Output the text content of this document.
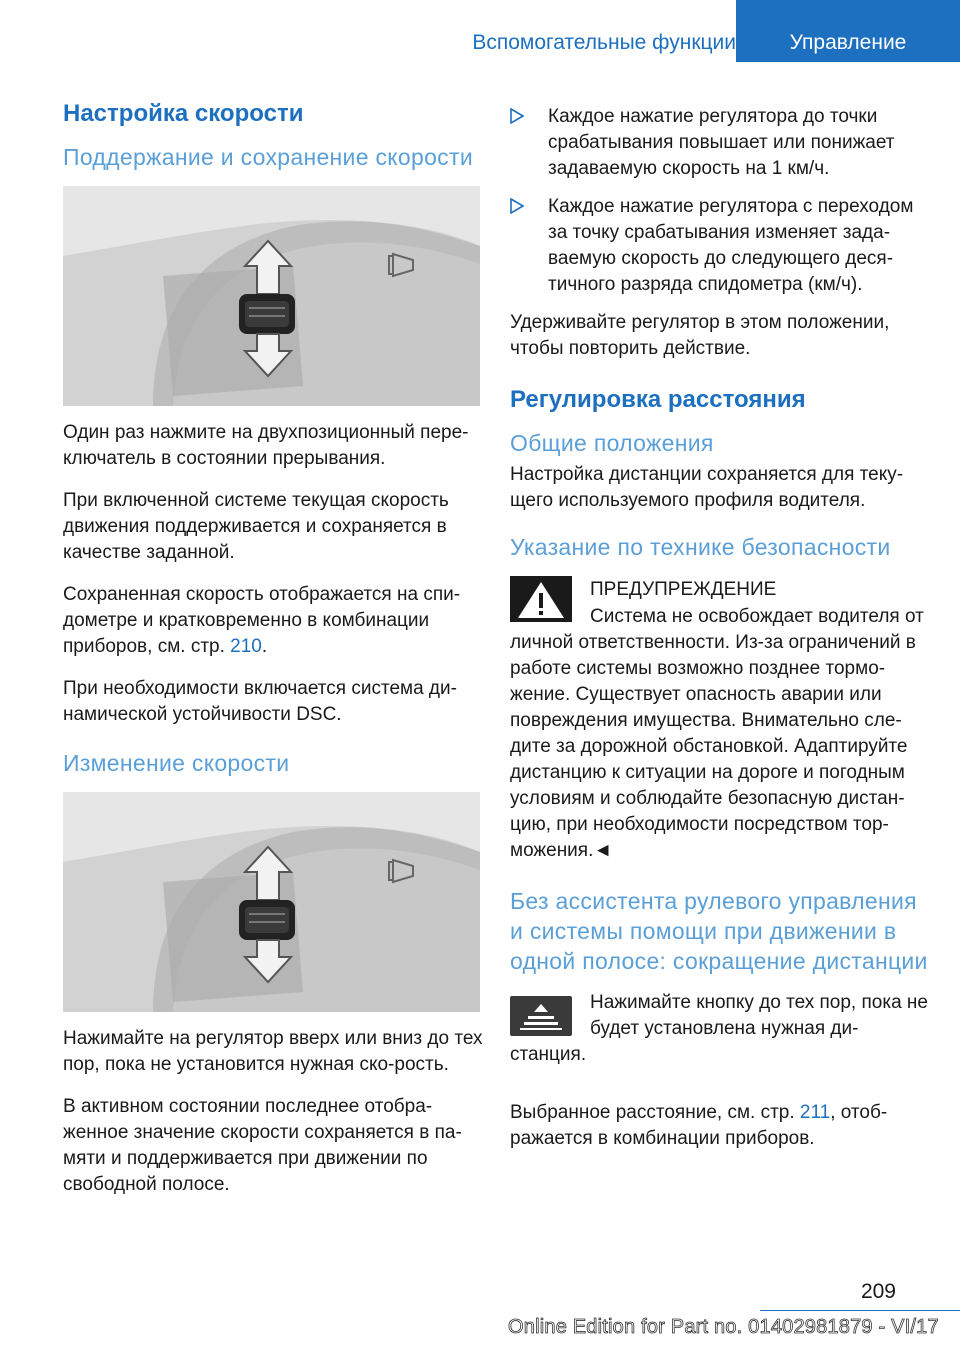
Вспомогательные функции	Управление
Настройка скорости
Поддержание и сохранение скорости

Один раз нажмите на двухпозиционный пере-ключатель в состоянии прерывания.

При включенной системе текущая скорость движения поддерживается и сохраняется в качестве заданной.

Сохраненная скорость отображается на спи-дометре и кратковременно в комбинации приборов, см. стр. 210.

При необходимости включается система ди-намической устойчивости DSC.

Изменение скорости

Нажимайте на регулятор вверх или вниз до тех пор, пока не установится нужная ско-рость.

В активном состоянии последнее отобра-женное значение скорости сохраняется в па-мяти и поддерживается при движении по свободной полосе.

Каждое нажатие регулятора до точки срабатывания повышает или понижает задаваемую скорость на 1 км/ч.
Каждое нажатие регулятора с переходом за точку срабатывания изменяет зада-ваемую скорость до следующего деся-тичного разряда спидометра (км/ч).

Удерживайте регулятор в этом положении, чтобы повторить действие.

Регулировка расстояния
Общие положения

Настройка дистанции сохраняется для теку-щего используемого профиля водителя.

Указание по технике безопасности
ПРЕДУПРЕЖДЕНИЕ

Система не освобождает водителя от личной ответственности. Из-за ограничений в работе системы возможно позднее тормо-жение. Существует опасность аварии или повреждения имущества. Внимательно сле-дите за дорожной обстановкой. Адаптируйте дистанцию к ситуации на дороге и погодным условиям и соблюдайте безопасную дистан-цию, при необходимости посредством тор-можения.◄

Без ассистента рулевого управления и системы помощи при движении в одной полосе: сокращение дистанции

Нажимайте кнопку до тех пор, пока не будет установлена нужная ди-станция.

Выбранное расстояние, см. стр. 211, отоб-ражается в комбинации приборов.

209
Online Edition for Part no. 01402981879 - VI/17
